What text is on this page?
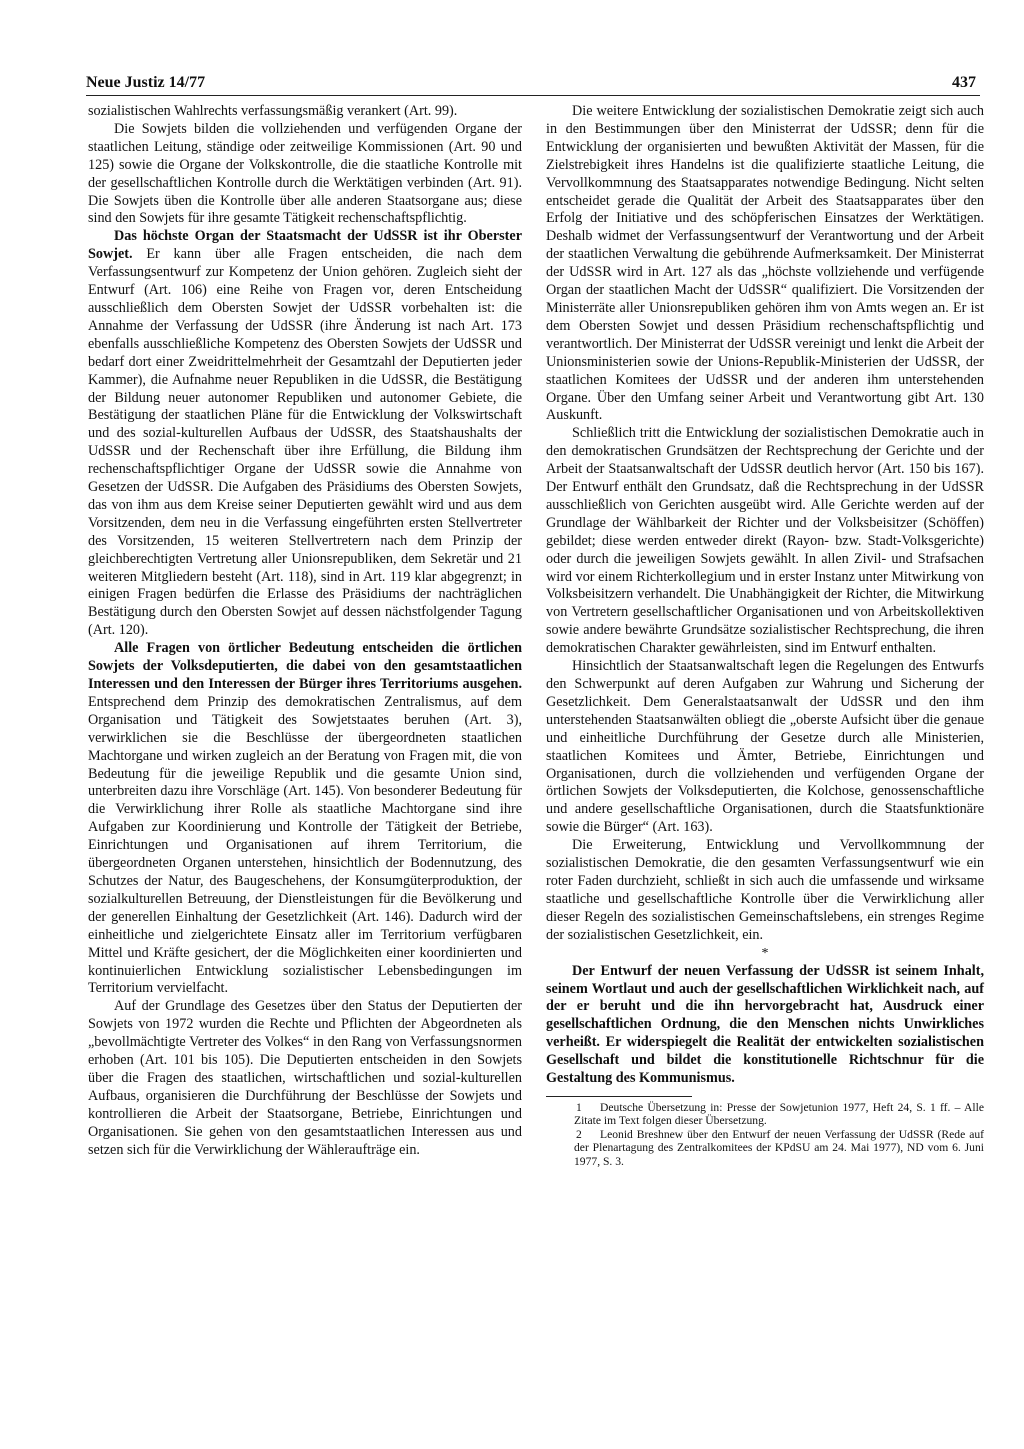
Neue Justiz 14/77	437

sozialistischen Wahlrechts verfassungsmäßig verankert (Art. 99).

Die Sowjets bilden die vollziehenden und verfügenden Organe der staatlichen Leitung, ständige oder zeitweilige Kommissionen (Art. 90 und 125) sowie die Organe der Volkskontrolle, die die staatliche Kontrolle mit der gesellschaftlichen Kontrolle durch die Werktätigen verbinden (Art. 91). Die Sowjets üben die Kontrolle über alle anderen Staatsorgane aus; diese sind den Sowjets für ihre gesamte Tätigkeit rechenschaftspflichtig.

Das höchste Organ der Staatsmacht der UdSSR ist ihr Oberster Sowjet. Er kann über alle Fragen entscheiden, die nach dem Verfassungsentwurf zur Kompetenz der Union gehören. Zugleich sieht der Entwurf (Art. 106) eine Reihe von Fragen vor, deren Entscheidung ausschließlich dem Obersten Sowjet der UdSSR vorbehalten ist: die Annahme der Verfassung der UdSSR (ihre Änderung ist nach Art. 173 ebenfalls ausschließliche Kompetenz des Obersten Sowjets der UdSSR und bedarf dort einer Zweidrittelmehrheit der Gesamtzahl der Deputierten jeder Kammer), die Aufnahme neuer Republiken in die UdSSR, die Bestätigung der Bildung neuer autonomer Republiken und autonomer Gebiete, die Bestätigung der staatlichen Pläne für die Entwicklung der Volkswirtschaft und des sozial-kulturellen Aufbaus der UdSSR, des Staatshaushalts der UdSSR und der Rechenschaft über ihre Erfüllung, die Bildung ihm rechenschaftspflichtiger Organe der UdSSR sowie die Annahme von Gesetzen der UdSSR. Die Aufgaben des Präsidiums des Obersten Sowjets, das von ihm aus dem Kreise seiner Deputierten gewählt wird und aus dem Vorsitzenden, dem neu in die Verfassung eingeführten ersten Stellvertreter des Vorsitzenden, 15 weiteren Stellvertretern nach dem Prinzip der gleichberechtigten Vertretung aller Unionsrepubliken, dem Sekretär und 21 weiteren Mitgliedern besteht (Art. 118), sind in Art. 119 klar abgegrenzt; in einigen Fragen bedürfen die Erlasse des Präsidiums der nachträglichen Bestätigung durch den Obersten Sowjet auf dessen nächstfolgender Tagung (Art. 120).

Alle Fragen von örtlicher Bedeutung entscheiden die örtlichen Sowjets der Volksdeputierten, die dabei von den gesamtstaatlichen Interessen und den Interessen der Bürger ihres Territoriums ausgehen. Entsprechend dem Prinzip des demokratischen Zentralismus, auf dem Organisation und Tätigkeit des Sowjetstaates beruhen (Art. 3), verwirklichen sie die Beschlüsse der übergeordneten staatlichen Machtorgane und wirken zugleich an der Beratung von Fragen mit, die von Bedeutung für die jeweilige Republik und die gesamte Union sind, unterbreiten dazu ihre Vorschläge (Art. 145). Von besonderer Bedeutung für die Verwirklichung ihrer Rolle als staatliche Machtorgane sind ihre Aufgaben zur Koordinierung und Kontrolle der Tätigkeit der Betriebe, Einrichtungen und Organisationen auf ihrem Territorium, die übergeordneten Organen unterstehen, hinsichtlich der Bodennutzung, des Schutzes der Natur, des Baugeschehens, der Konsumgüterproduktion, der sozialkulturellen Betreuung, der Dienstleistungen für die Bevölkerung und der generellen Einhaltung der Gesetzlichkeit (Art. 146). Dadurch wird der einheitliche und zielgerichtete Einsatz aller im Territorium verfügbaren Mittel und Kräfte gesichert, der die Möglichkeiten einer koordinierten und kontinuierlichen Entwicklung sozialistischer Lebensbedingungen im Territorium vervielfacht.

Auf der Grundlage des Gesetzes über den Status der Deputierten der Sowjets von 1972 wurden die Rechte und Pflichten der Abgeordneten als „bevollmächtigte Vertreter des Volkes“ in den Rang von Verfassungsnormen erhoben (Art. 101 bis 105). Die Deputierten entscheiden in den Sowjets über die Fragen des staatlichen, wirtschaftlichen und sozial-kulturellen Aufbaus, organisieren die Durchführung der Beschlüsse der Sowjets und kontrollieren die Arbeit der Staatsorgane, Betriebe, Einrichtungen und Organisationen. Sie gehen von den gesamtstaatlichen Interessen aus und setzen sich für die Verwirklichung der Wähleraufträge ein.

Die weitere Entwicklung der sozialistischen Demokratie zeigt sich auch in den Bestimmungen über den Ministerrat der UdSSR; denn für die Entwicklung der organisierten und bewußten Aktivität der Massen, für die Zielstrebigkeit ihres Handelns ist die qualifizierte staatliche Leitung, die Vervollkommnung des Staatsapparates notwendige Bedingung. Nicht selten entscheidet gerade die Qualität der Arbeit des Staatsapparates über den Erfolg der Initiative und des schöpferischen Einsatzes der Werktätigen. Deshalb widmet der Verfassungsentwurf der Verantwortung und der Arbeit der staatlichen Verwaltung die gebührende Aufmerksamkeit. Der Ministerrat der UdSSR wird in Art. 127 als das „höchste vollziehende und verfügende Organ der staatlichen Macht der UdSSR“ qualifiziert. Die Vorsitzenden der Ministerräte aller Unionsrepubliken gehören ihm von Amts wegen an. Er ist dem Obersten Sowjet und dessen Präsidium rechenschaftspflichtig und verantwortlich. Der Ministerrat der UdSSR vereinigt und lenkt die Arbeit der Unionsministerien sowie der Unions-Republik-Ministerien der UdSSR, der staatlichen Komitees der UdSSR und der anderen ihm unterstehenden Organe. Über den Umfang seiner Arbeit und Verantwortung gibt Art. 130 Auskunft.

Schließlich tritt die Entwicklung der sozialistischen Demokratie auch in den demokratischen Grundsätzen der Rechtsprechung der Gerichte und der Arbeit der Staatsanwaltschaft der UdSSR deutlich hervor (Art. 150 bis 167). Der Entwurf enthält den Grundsatz, daß die Rechtsprechung in der UdSSR ausschließlich von Gerichten ausgeübt wird. Alle Gerichte werden auf der Grundlage der Wählbarkeit der Richter und der Volksbeisitzer (Schöffen) gebildet; diese werden entweder direkt (Rayon- bzw. Stadt-Volksgerichte) oder durch die jeweiligen Sowjets gewählt. In allen Zivil- und Strafsachen wird vor einem Richterkollegium und in erster Instanz unter Mitwirkung von Volksbeisitzern verhandelt. Die Unabhängigkeit der Richter, die Mitwirkung von Vertretern gesellschaftlicher Organisationen und von Arbeitskollektiven sowie andere bewährte Grundsätze sozialistischer Rechtsprechung, die ihren demokratischen Charakter gewährleisten, sind im Entwurf enthalten.

Hinsichtlich der Staatsanwaltschaft legen die Regelungen des Entwurfs den Schwerpunkt auf deren Aufgaben zur Wahrung und Sicherung der Gesetzlichkeit. Dem Generalstaatsanwalt der UdSSR und den ihm unterstehenden Staatsanwälten obliegt die „oberste Aufsicht über die genaue und einheitliche Durchführung der Gesetze durch alle Ministerien, staatlichen Komitees und Ämter, Betriebe, Einrichtungen und Organisationen, durch die vollziehenden und verfügenden Organe der örtlichen Sowjets der Volksdeputierten, die Kolchose, genossenschaftliche und andere gesellschaftliche Organisationen, durch die Staatsfunktionäre sowie die Bürger“ (Art. 163).

Die Erweiterung, Entwicklung und Vervollkommnung der sozialistischen Demokratie, die den gesamten Verfassungsentwurf wie ein roter Faden durchzieht, schließt in sich auch die umfassende und wirksame staatliche und gesellschaftliche Kontrolle über die Verwirklichung aller dieser Regeln des sozialistischen Gemeinschaftslebens, ein strenges Regime der sozialistischen Gesetzlichkeit, ein.

*

Der Entwurf der neuen Verfassung der UdSSR ist seinem Inhalt, seinem Wortlaut und auch der gesellschaftlichen Wirklichkeit nach, auf der er beruht und die ihn hervorgebracht hat, Ausdruck einer gesellschaftlichen Ordnung, die den Menschen nichts Unwirkliches verheißt. Er widerspiegelt die Realität der entwickelten sozialistischen Gesellschaft und bildet die konstitutionelle Richtschnur für die Gestaltung des Kommunismus.

1 Deutsche Übersetzung in: Presse der Sowjetunion 1977, Heft 24, S. 1 ff. – Alle Zitate im Text folgen dieser Übersetzung.

2 Leonid Breshnew über den Entwurf der neuen Verfassung der UdSSR (Rede auf der Plenartagung des Zentralkomitees der KPdSU am 24. Mai 1977), ND vom 6. Juni 1977, S. 3.
